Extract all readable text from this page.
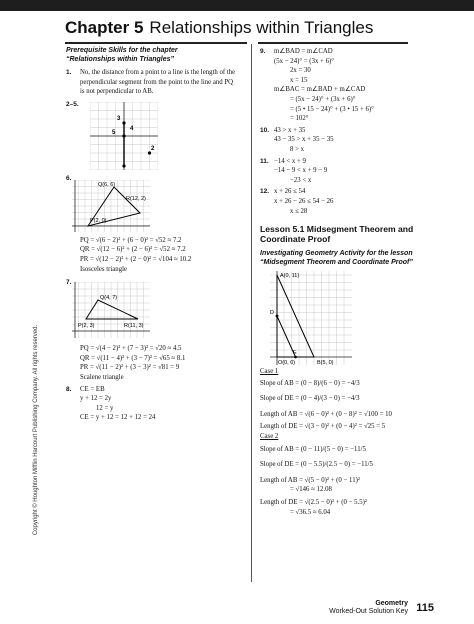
Chapter 5 Relationships within Triangles
Prerequisite Skills for the chapter
“Relationships within Triangles”
1. No, the distance from a point to a line is the length of the
perpendicular segment from the point to the line and PQ
is not perpendicular to AB.
2–5.
5
3
4
2
6.
Q(6, 6)
R(12, 2)
P(2, 0)
PQ = √(6 − 2)² + (6 − 0)² = √52 ≈ 7.2
QR = √(12 − 6)² + (2 − 6)² = √52 ≈ 7.2
PR = √(12 − 2)² + (2 − 0)² = √104 ≈ 10.2
Isosceles triangle
7.
Q(4, 7)
P(2, 3)	R(11, 3)
PQ = √(4 − 2)² + (7 − 3)² = √20 ≈ 4.5
QR = √(11 − 4)² + (3 − 7)² = √65 ≈ 8.1
PR = √(11 − 2)² + (3 − 3)² = √81 = 9
Scalene triangle
8. CE = EB
y + 12 = 2y
12 = y
CE = y + 12 = 12 + 12 = 24
9. m∠BAD = m∠CAD
(5x − 24)° = (3x + 6)°
2x = 30
x = 15
m∠BAC = m∠BAD + m∠CAD
= (5x − 24)° + (3x + 6)°
= (5 • 15 − 24)° + (3 • 15 + 6)°
= 102°
10. 43 > x + 35
43 − 35 > x + 35 − 35
8 > x
11. −14 < x + 9
−14 − 9 < x + 9 − 9
−23 < x
12. x + 26 ≤ 54
x + 26 − 26 ≤ 54 − 26
x ≤ 28
Lesson 5.1 Midsegment Theorem and
Coordinate Proof
Investigating Geometry Activity for the lesson
“Midsegment Theorem and Coordinate Proof”
A(0, 11)
D
E
O(0, 0)	B(5, 0)
Case 1
Slope of AB = (0 − 8)/(6 − 0) = −4/3
Slope of DE = (0 − 4)/(3 − 0) = −4/3
Length of AB = √(6 − 0)² + (0 − 8)² = √100 = 10
Length of DE = √(3 − 0)² + (0 − 4)² = √25 = 5
Case 2
Slope of AB = (0 − 11)/(5 − 0) = −11/5
Slope of DE = (0 − 5.5)/(2.5 − 0) = −11/5
Length of AB = √(5 − 0)² + (0 − 11)²
= √146 ≈ 12.08
Length of DE = √(2.5 − 0)² + (0 − 5.5)²
= √36.5 ≈ 6.04
Copyright © Houghton Mifflin Harcourt Publishing Company. All rights reserved.
Geometry
Worked-Out Solution Key 115
